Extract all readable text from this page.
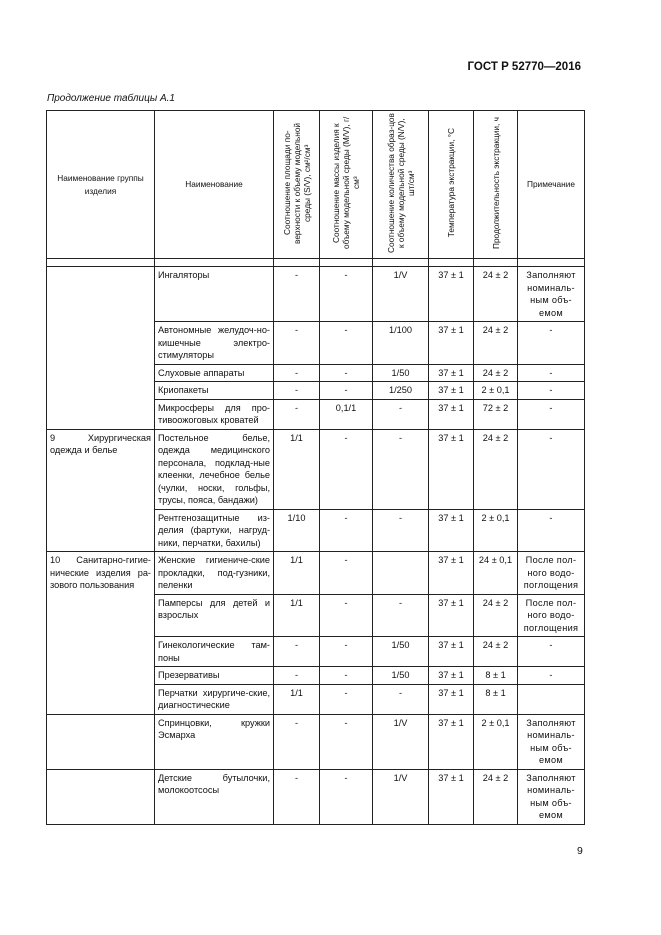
ГОСТ Р 52770—2016
Продолжение таблицы А.1
Наименование группы изделия	Наименование	Соотношение площади по-верхности к объему модельной среды (S/V), см²/см³	Соотношение массы изделия к объему модельной среды (M/V), г/см³	Соотношение количества образ-цов к объему модельной среды (N/V), шт/см³	Температура экстракции, °С	Продолжительность экстракции, ч	Примечание

	Ингаляторы	-	-	1/V	37 ± 1	24 ± 2	Заполняют номиналь-ным объ-емом
	Автономные желудоч-но-кишечные электро-стимуляторы	-	-	1/100	37 ± 1	24 ± 2	-
	Слуховые аппараты	-	-	1/50	37 ± 1	24 ± 2	-
	Криопакеты	-	-	1/250	37 ± 1	2 ± 0,1	-
	Микросферы для про-тивоожоговых кроватей	-	0,1/1	-	37 ± 1	72 ± 2	-
9 Хирургическая одежда и белье	Постельное белье, одежда медицинского персонала, подклад-ные клеенки, лечебное белье (чулки, носки, гольфы, трусы, пояса, бандажи)	1/1	-	-	37 ± 1	24 ± 2	-
	Рентгенозащитные из-делия (фартуки, нагруд-ники, перчатки, бахилы)	1/10	-	-	37 ± 1	2 ± 0,1	-
10 Санитарно-гигие-нические изделия ра-зового пользования	Женские гигиениче-ские прокладки, под-гузники, пеленки	1/1	-		37 ± 1	24 ± 0,1	После пол-ного водо-поглощения
	Памперсы для детей и взрослых	1/1	-	-	37 ± 1	24 ± 2	После пол-ного водо-поглощения
	Гинекологические там-поны	-	-	1/50	37 ± 1	24 ± 2	-
	Презервативы	-	-	1/50	37 ± 1	8 ± 1	-
	Перчатки хирургиче-ские, диагностические	1/1	-	-	37 ± 1	8 ± 1	
	Спринцовки, кружки Эсмарха	-	-	1/V	37 ± 1	2 ± 0,1	Заполняют номиналь-ным объ-емом
	Детские бутылочки, молокоотсосы	-	-	1/V	37 ± 1	24 ± 2	Заполняют номиналь-ным объ-емом
9
